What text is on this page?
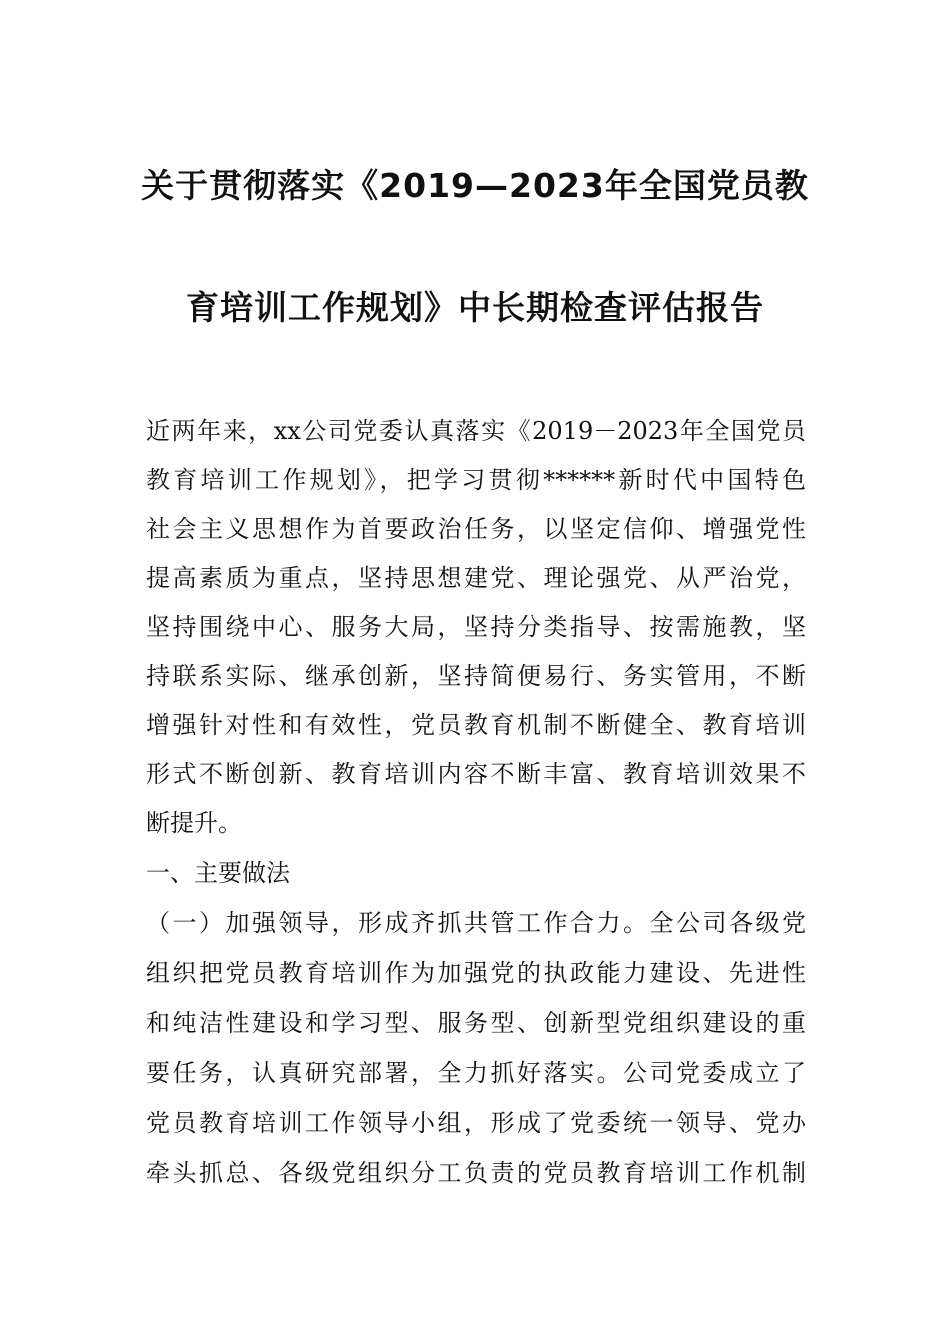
关于贯彻落实《2019—2023年全国党员教
育培训工作规划》中长期检查评估报告
近两年来，xx公司党委认真落实《2019－2023年全国党员
教育培训工作规划》，把学习贯彻******新时代中国特色
社会主义思想作为首要政治任务，以坚定信仰、增强党性
提高素质为重点，坚持思想建党、理论强党、从严治党，
坚持围绕中心、服务大局，坚持分类指导、按需施教，坚
持联系实际、继承创新，坚持简便易行、务实管用，不断
增强针对性和有效性，党员教育机制不断健全、教育培训
形式不断创新、教育培训内容不断丰富、教育培训效果不
断提升。
一、主要做法
（一）加强领导，形成齐抓共管工作合力。全公司各级党
组织把党员教育培训作为加强党的执政能力建设、先进性
和纯洁性建设和学习型、服务型、创新型党组织建设的重
要任务，认真研究部署，全力抓好落实。公司党委成立了
党员教育培训工作领导小组，形成了党委统一领导、党办
牵头抓总、各级党组织分工负责的党员教育培训工作机制
